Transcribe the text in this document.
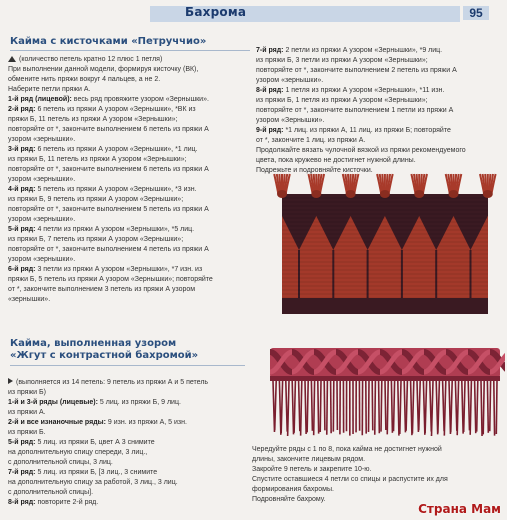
Бахрома	95
Кайма с кисточками «Петруччио»

(количество петель кратно 12 плюс 1 петля)

При выполнении данной модели, формируя кисточку (ВК),

обмените нить пряжи вокруг 4 пальцев, а не 2.

Наберите петли пряжи А.

1-й ряд (лицевой): весь ряд провяжите узором «Зернышки».

2-й ряд: 6 петель из пряжи А узором «Зернышки», *ВК из

пряжи Б, 11 петель из пряжи А узором «Зернышки»;

повторяйте от *, закончите выполнением 6 петель из пряжи А

узором «зернышки».

3-й ряд: 6 петель из пряжи А узором «Зернышки», *1 лиц.

из пряжи Б, 11 петель из пряжи А узором «Зернышки»;

повторяйте от *, закончите выполнением 6 петель из пряжи А

узором «зернышки».

4-й ряд: 5 петель из пряжи А узором «Зернышки», *3 изн.

из пряжи Б, 9 петель из пряжи А узором «Зернышки»;

повторяйте от *, закончите выполнением 5 петель из пряжи А

узором «зернышки».

5-й ряд: 4 петли из пряжи А узором «Зернышки», *5 лиц.

из пряжи Б, 7 петель из пряжи А узором «Зернышки»;

повторяйте от *, закончите выполнением 4 петель из пряжи А

узором «зернышки».

6-й ряд: 3 петли из пряжи А узором «Зернышки», *7 изн. из

пряжи Б, 5 петель из пряжи А узором «Зернышки»; повторяйте

от *, закончите выполнением 3 петель из пряжи А узором

«зернышки».

7-й ряд: 2 петли из пряжи А узором «Зернышки», *9 лиц.

из пряжи Б, 3 петли из пряжи А узором «Зернышки»;

повторяйте от *, закончите выполнением 2 петель из пряжи А

узором «зернышки».

8-й ряд: 1 петля из пряжи А узором «Зернышки», *11 изн.

из пряжи Б, 1 петля из пряжи А узором «Зернышки»;

повторяйте от *, закончите выполнением 1 петли из пряжи А

узором «Зернышки».

9-й ряд: *1 лиц. из пряжи А, 11 лиц. из пряжи Б; повторяйте

от *, закончите 1 лиц. из пряжи А.

Продолжайте вязать чулочной вязкой из пряжи рекомендуемого

цвета, пока кружево не достигнет нужной длины.

Подрежьте и подровняйте кисточки.

Кайма, выполненная узором
«Жгут с контрастной бахромой»

(выполняется из 14 петель: 9 петель из пряжи А и 5 петель

из пряжи Б)

1-й и 3-й ряды (лицевые): 5 лиц. из пряжи Б, 9 лиц.

из пряжи А.

2-й и все изнаночные ряды: 9 изн. из пряжи А, 5 изн.

из пряжи Б.

5-й ряд: 5 лиц. из пряжи Б, цвет А 3 снимите

на дополнительную спицу спереди, 3 лиц.,

с дополнительной спицы, 3 лиц.

7-й ряд: 5 лиц. из пряжи Б, [3 лиц., 3 снимите

на дополнительную спицу за работой, 3 лиц., 3 лиц.

с дополнительной спицы].

8-й ряд: повторите 2-й ряд.

Чередуйте ряды с 1 по 8, пока кайма не достигнет нужной

длины, закончите лицевым рядом.

Закройте 9 петель и закрепите 10-ю.

Спустите оставшиеся 4 петли со спицы и распустите их для

формирования бахромы.

Подровняйте бахрому.

Страна Мам
